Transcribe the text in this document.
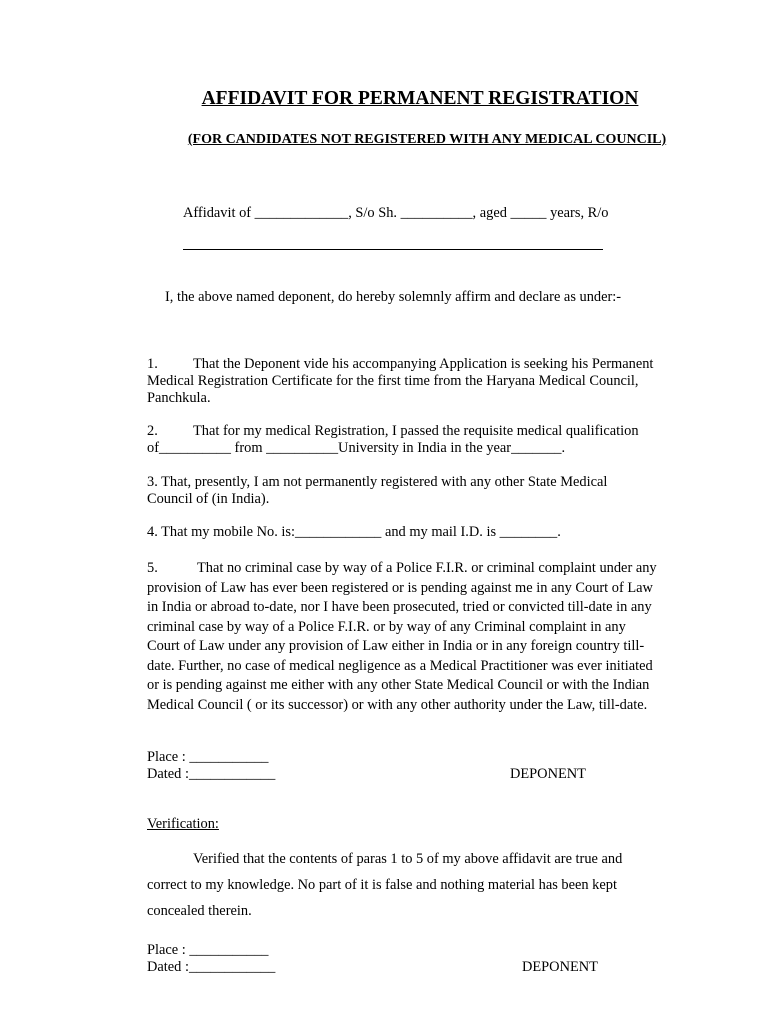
AFFIDAVIT FOR PERMANENT REGISTRATION
(FOR CANDIDATES NOT REGISTERED WITH ANY MEDICAL COUNCIL)
Affidavit of _____________, S/o Sh. __________, aged _____ years, R/o
I, the above named deponent, do hereby solemnly affirm and declare as under:-
1. That the Deponent vide his accompanying Application is seeking his Permanent
Medical Registration Certificate for the first time from the Haryana Medical Council,
Panchkula.
2. That for my medical Registration, I passed the requisite medical qualification
of__________ from __________University in India in the year_______.
3. That, presently, I am not permanently registered with any other State Medical
Council of (in India).
4. That my mobile No. is:____________ and my mail I.D. is ________.
5.	That no criminal case by way of a Police F.I.R. or criminal complaint under any
provision of Law has ever been registered or is pending against me in any Court of Law
in India or abroad to-date, nor I have been prosecuted, tried or convicted till-date in any
criminal case by way of a Police F.I.R. or by way of any Criminal complaint in any
Court of Law under any provision of Law either in India or in any foreign country till-
date. Further, no case of medical negligence as a Medical Practitioner was ever initiated
or is pending against me either with any other State Medical Council or with the Indian
Medical Council ( or its successor) or with any other authority under the Law, till-date.
Place : ___________
Dated :____________	DEPONENT
Verification:
Verified that the contents of paras 1 to 5 of my above affidavit are true and
correct to my knowledge. No part of it is false and nothing material has been kept
concealed therein.
Place : ___________
Dated :____________	DEPONENT
